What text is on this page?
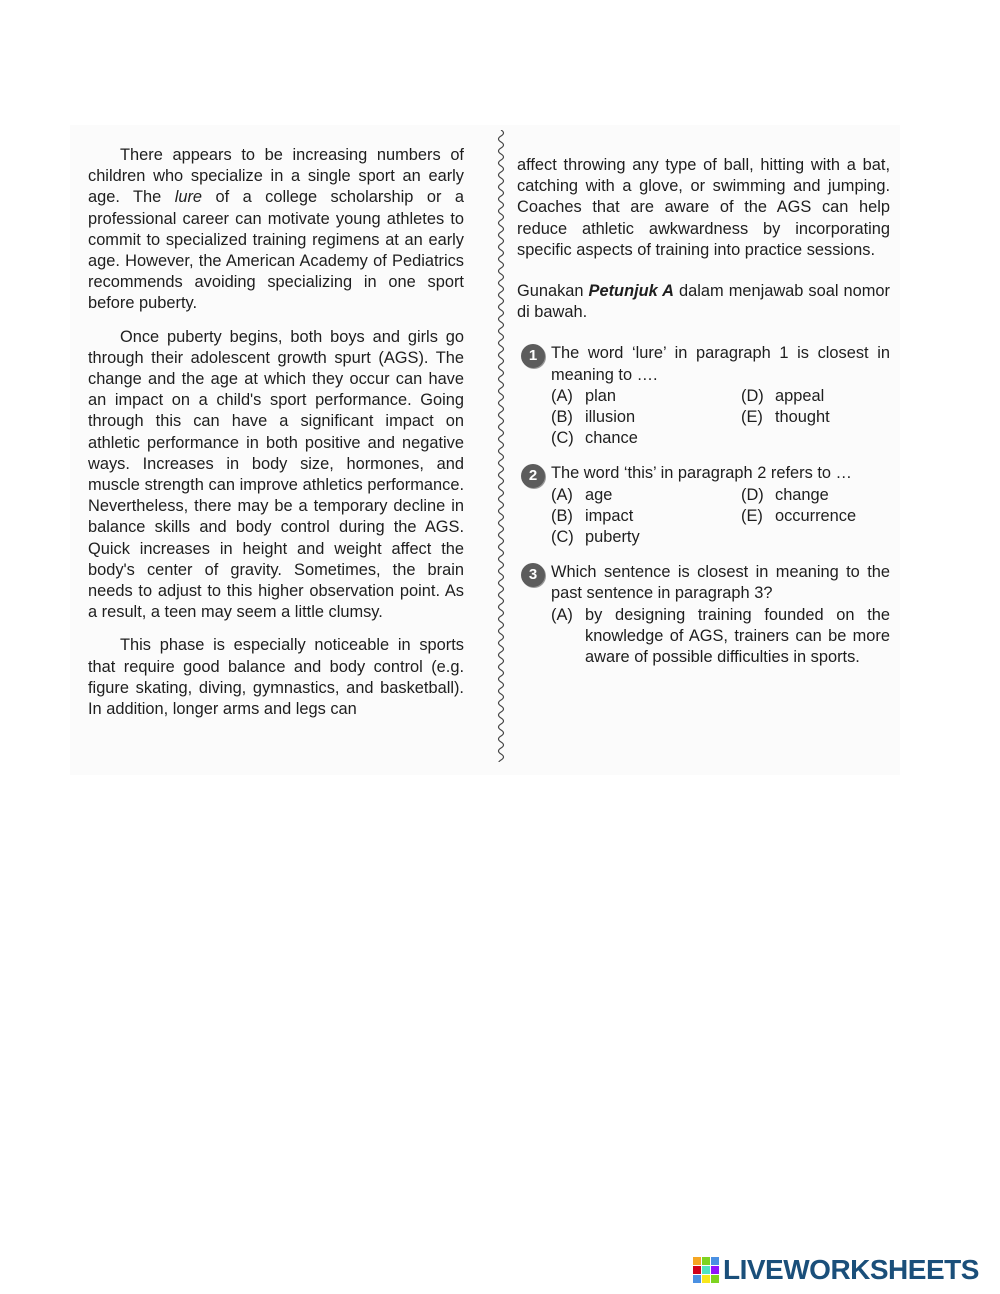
There appears to be increasing numbers of children who specialize in a single sport an early age. The lure of a college scholarship or a professional career can motivate young athletes to commit to specialized training regimens at an early age. However, the American Academy of Pediatrics recommends avoiding specializing in one sport before puberty.

Once puberty begins, both boys and girls go through their adolescent growth spurt (AGS). The change and the age at which they occur can have an impact on a child's sport performance. Going through this can have a significant impact on athletic performance in both positive and negative ways. Increases in body size, hormones, and muscle strength can improve athletics performance. Nevertheless, there may be a temporary decline in balance skills and body control during the AGS. Quick increases in height and weight affect the body's center of gravity. Sometimes, the brain needs to adjust to this higher observation point. As a result, a teen may seem a little clumsy.

This phase is especially noticeable in sports that require good balance and body control (e.g. figure skating, diving, gymnastics, and basketball). In addition, longer arms and legs can

affect throwing any type of ball, hitting with a bat, catching with a glove, or swimming and jumping. Coaches that are aware of the AGS can help reduce athletic awkwardness by incorporating specific aspects of training into practice sessions.

Gunakan Petunjuk A dalam menjawab soal nomor di bawah.

1 The word ‘lure’ in paragraph 1 is closest in meaning to ….
(A) plan	(D) appeal
(B) illusion	(E) thought
(C) chance
2 The word ‘this’ in paragraph 2 refers to …
(A) age	(D) change
(B) impact	(E) occurrence
(C) puberty
3 Which sentence is closest in meaning to the past sentence in paragraph 3?
(A) by designing training founded on the knowledge of AGS, trainers can be more aware of possible difficulties in sports.
LIVEWORKSHEETS
